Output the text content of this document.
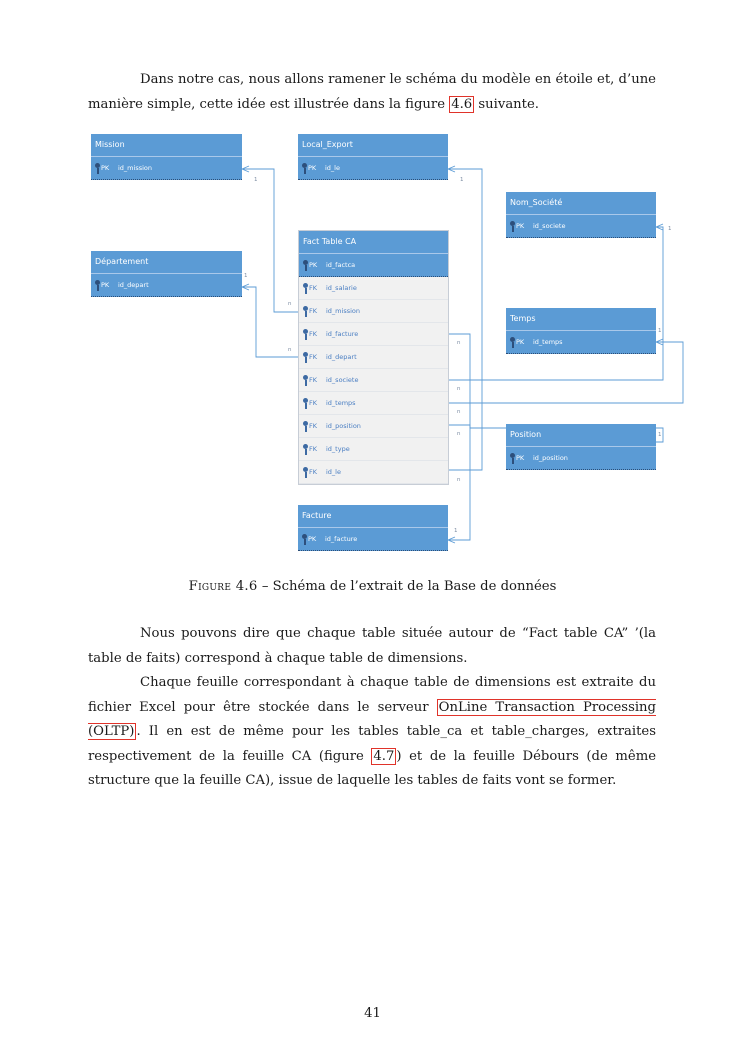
Dans notre cas, nous allons ramener le schéma du modèle en étoile et, d’une manière simple, cette idée est illustrée dans la figure 4.6 suivante.

1	1
1
1
1
1
1
n
n
n
n
n
n
n
Mission
PK id_mission
Local_Export
PK id_le
Nom_Société
PK id_societe
Département
PK id_depart
Temps
PK id_temps
Position
PK id_position
Facture
PK id_facture
Fact Table CA
PK id_factca
FK id_salarie
FK id_mission
FK id_facture
FK id_depart
FK id_societe
FK id_temps
FK id_position
FK id_type
FK id_le
Figure 4.6 – Schéma de l’extrait de la Base de données

Nous pouvons dire que chaque table située autour de “Fact table CA” ’(la table de faits) correspond à chaque table de dimensions.

Chaque feuille correspondant à chaque table de dimensions est extraite du fichier Excel pour être stockée dans le serveur OnLine Transaction Processing (OLTP) . Il en est de même pour les tables table_ca et table_charges, extraites respectivement de la feuille CA (figure 4.7 ) et de la feuille Débours (de même structure que la feuille CA), issue de laquelle les tables de faits vont se former.

41
